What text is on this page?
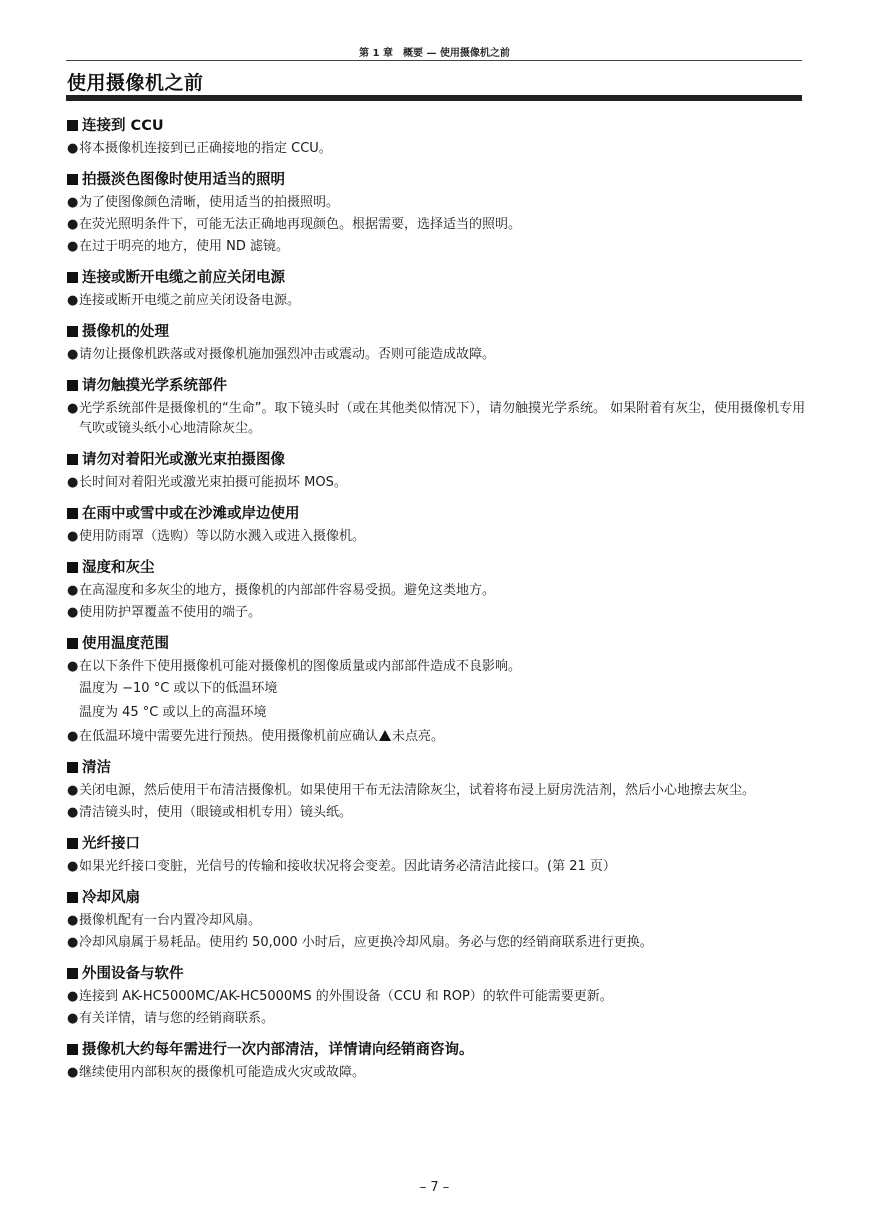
第 1 章　概要 — 使用摄像机之前
使用摄像机之前
连接到 CCU
● 将本摄像机连接到已正确接地的指定 CCU。
拍摄淡色图像时使用适当的照明
● 为了使图像颜色清晰，使用适当的拍摄照明。
● 在荧光照明条件下，可能无法正确地再现颜色。根据需要，选择适当的照明。
● 在过于明亮的地方，使用 ND 滤镜。
连接或断开电缆之前应关闭电源
● 连接或断开电缆之前应关闭设备电源。
摄像机的处理
● 请勿让摄像机跌落或对摄像机施加强烈冲击或震动。否则可能造成故障。
请勿触摸光学系统部件
● 光学系统部件是摄像机的“生命”。取下镜头时（或在其他类似情况下），请勿触摸光学系统。 如果附着有灰尘，使用摄像机专用气吹或镜头纸小心地清除灰尘。
请勿对着阳光或激光束拍摄图像
● 长时间对着阳光或激光束拍摄可能损坏 MOS。
在雨中或雪中或在沙滩或岸边使用
● 使用防雨罩（选购）等以防水溅入或进入摄像机。
湿度和灰尘
● 在高湿度和多灰尘的地方，摄像机的内部部件容易受损。避免这类地方。
● 使用防护罩覆盖不使用的端子。
使用温度范围
● 在以下条件下使用摄像机可能对摄像机的图像质量或内部部件造成不良影响。
温度为 −10 °C 或以下的低温环境
温度为 45 °C 或以上的高温环境
● 在低温环境中需要先进行预热。使用摄像机前应确认 未点亮。
清洁
● 关闭电源，然后使用干布清洁摄像机。如果使用干布无法清除灰尘，试着将布浸上厨房洗洁剂，然后小心地擦去灰尘。
● 清洁镜头时，使用（眼镜或相机专用）镜头纸。
光纤接口
● 如果光纤接口变脏，光信号的传输和接收状况将会变差。因此请务必清洁此接口。(第 21 页）
冷却风扇
● 摄像机配有一台内置冷却风扇。
● 冷却风扇属于易耗品。使用约 50,000 小时后，应更换冷却风扇。务必与您的经销商联系进行更换。
外围设备与软件
● 连接到 AK-HC5000MC/AK-HC5000MS 的外围设备（CCU 和 ROP）的软件可能需要更新。
● 有关详情，请与您的经销商联系。
摄像机大约每年需进行一次内部清洁，详情请向经销商咨询。
● 继续使用内部积灰的摄像机可能造成火灾或故障。
– 7 –
